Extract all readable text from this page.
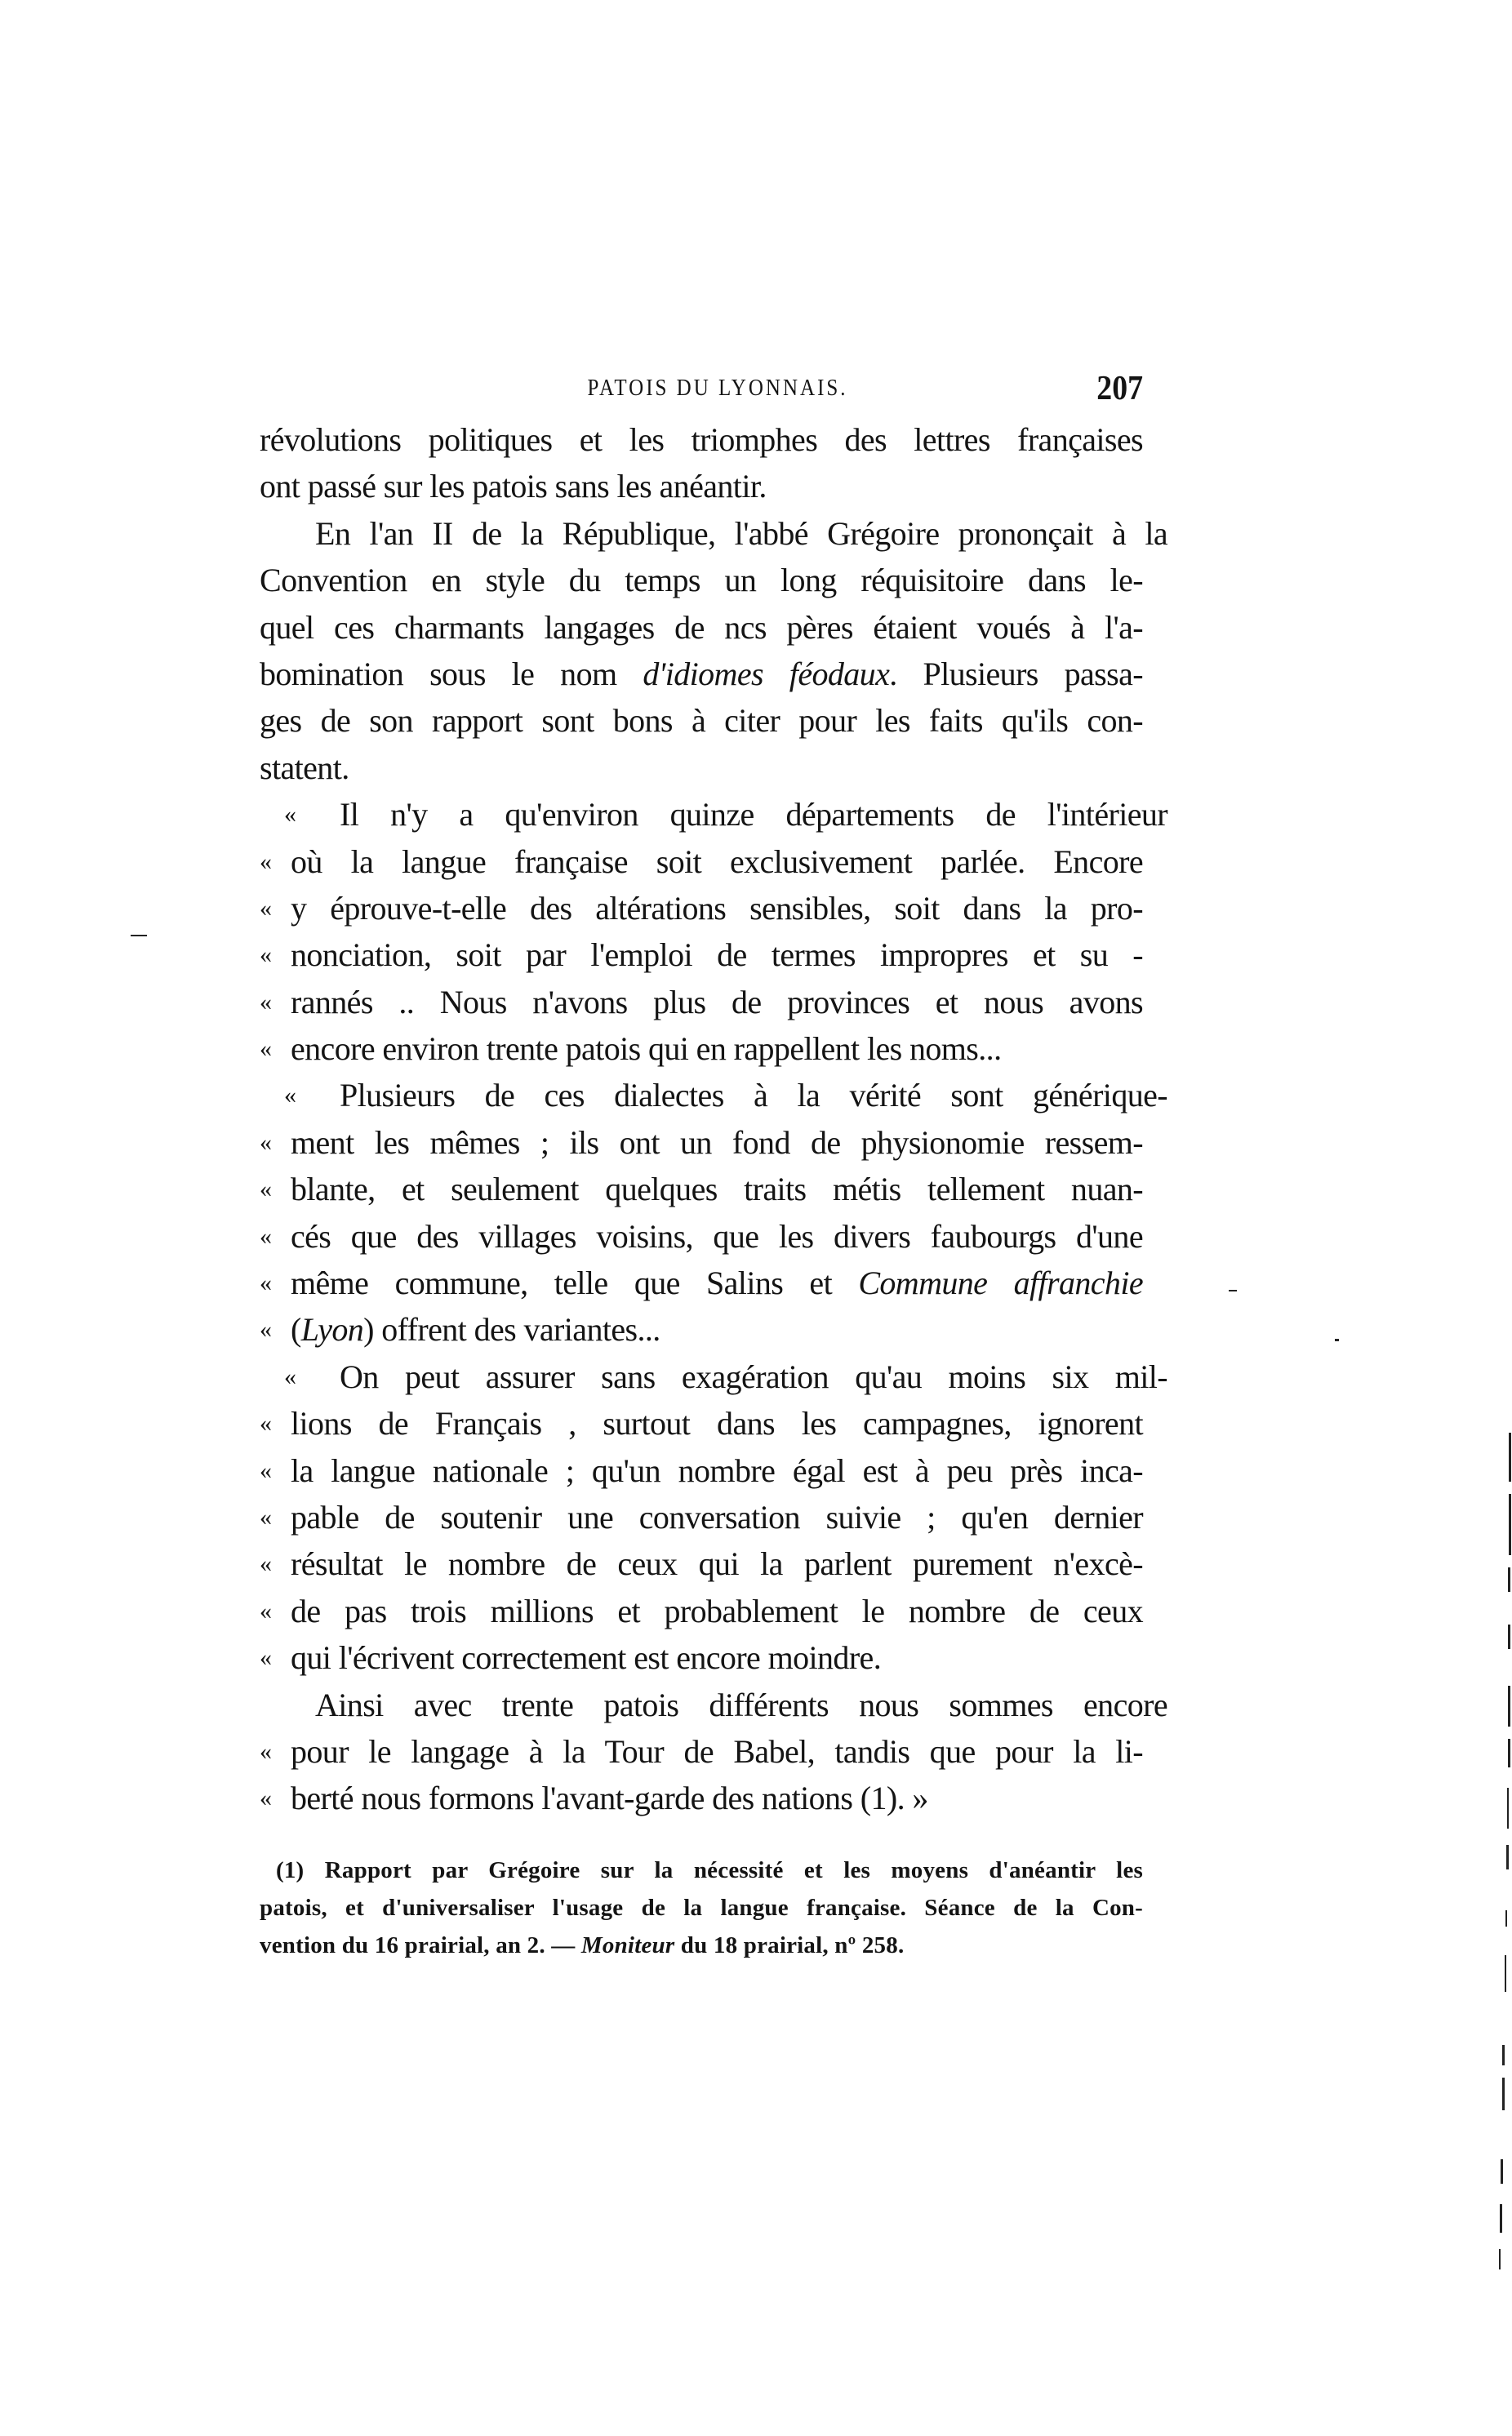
PATOIS DU LYONNAIS.	207
révolutions politiques et les triomphes des lettres françaises
ont passé sur les patois sans les anéantir.
En l'an II de la République, l'abbé Grégoire prononçait à la
Convention en style du temps un long réquisitoire dans le-
quel ces charmants langages de ncs pères étaient voués à l'a-
bomination sous le nom d'idiomes féodaux. Plusieurs passa-
ges de son rapport sont bons à citer pour les faits qu'ils con-
statent.
« Il n'y a qu'environ quinze départements de l'intérieur
« où la langue française soit exclusivement parlée. Encore
« y éprouve-t-elle des altérations sensibles, soit dans la pro-
« nonciation, soit par l'emploi de termes impropres et su -
« rannés .. Nous n'avons plus de provinces et nous avons
« encore environ trente patois qui en rappellent les noms...
« Plusieurs de ces dialectes à la vérité sont générique-
« ment les mêmes ; ils ont un fond de physionomie ressem-
« blante, et seulement quelques traits métis tellement nuan-
« cés que des villages voisins, que les divers faubourgs d'une
« même commune, telle que Salins et Commune affranchie
« (Lyon) offrent des variantes...
« On peut assurer sans exagération qu'au moins six mil-
« lions de Français , surtout dans les campagnes, ignorent
« la langue nationale ; qu'un nombre égal est à peu près inca-
« pable de soutenir une conversation suivie ; qu'en dernier
« résultat le nombre de ceux qui la parlent purement n'excè-
« de pas trois millions et probablement le nombre de ceux
« qui l'écrivent correctement est encore moindre.
Ainsi avec trente patois différents nous sommes encore
« pour le langage à la Tour de Babel, tandis que pour la li-
« berté nous formons l'avant-garde des nations (1). »
(1) Rapport par Grégoire sur la nécessité et les moyens d'anéantir les
patois, et d'universaliser l'usage de la langue française. Séance de la Con-
vention du 16 prairial, an 2. — Moniteur du 18 prairial, nº 258.
